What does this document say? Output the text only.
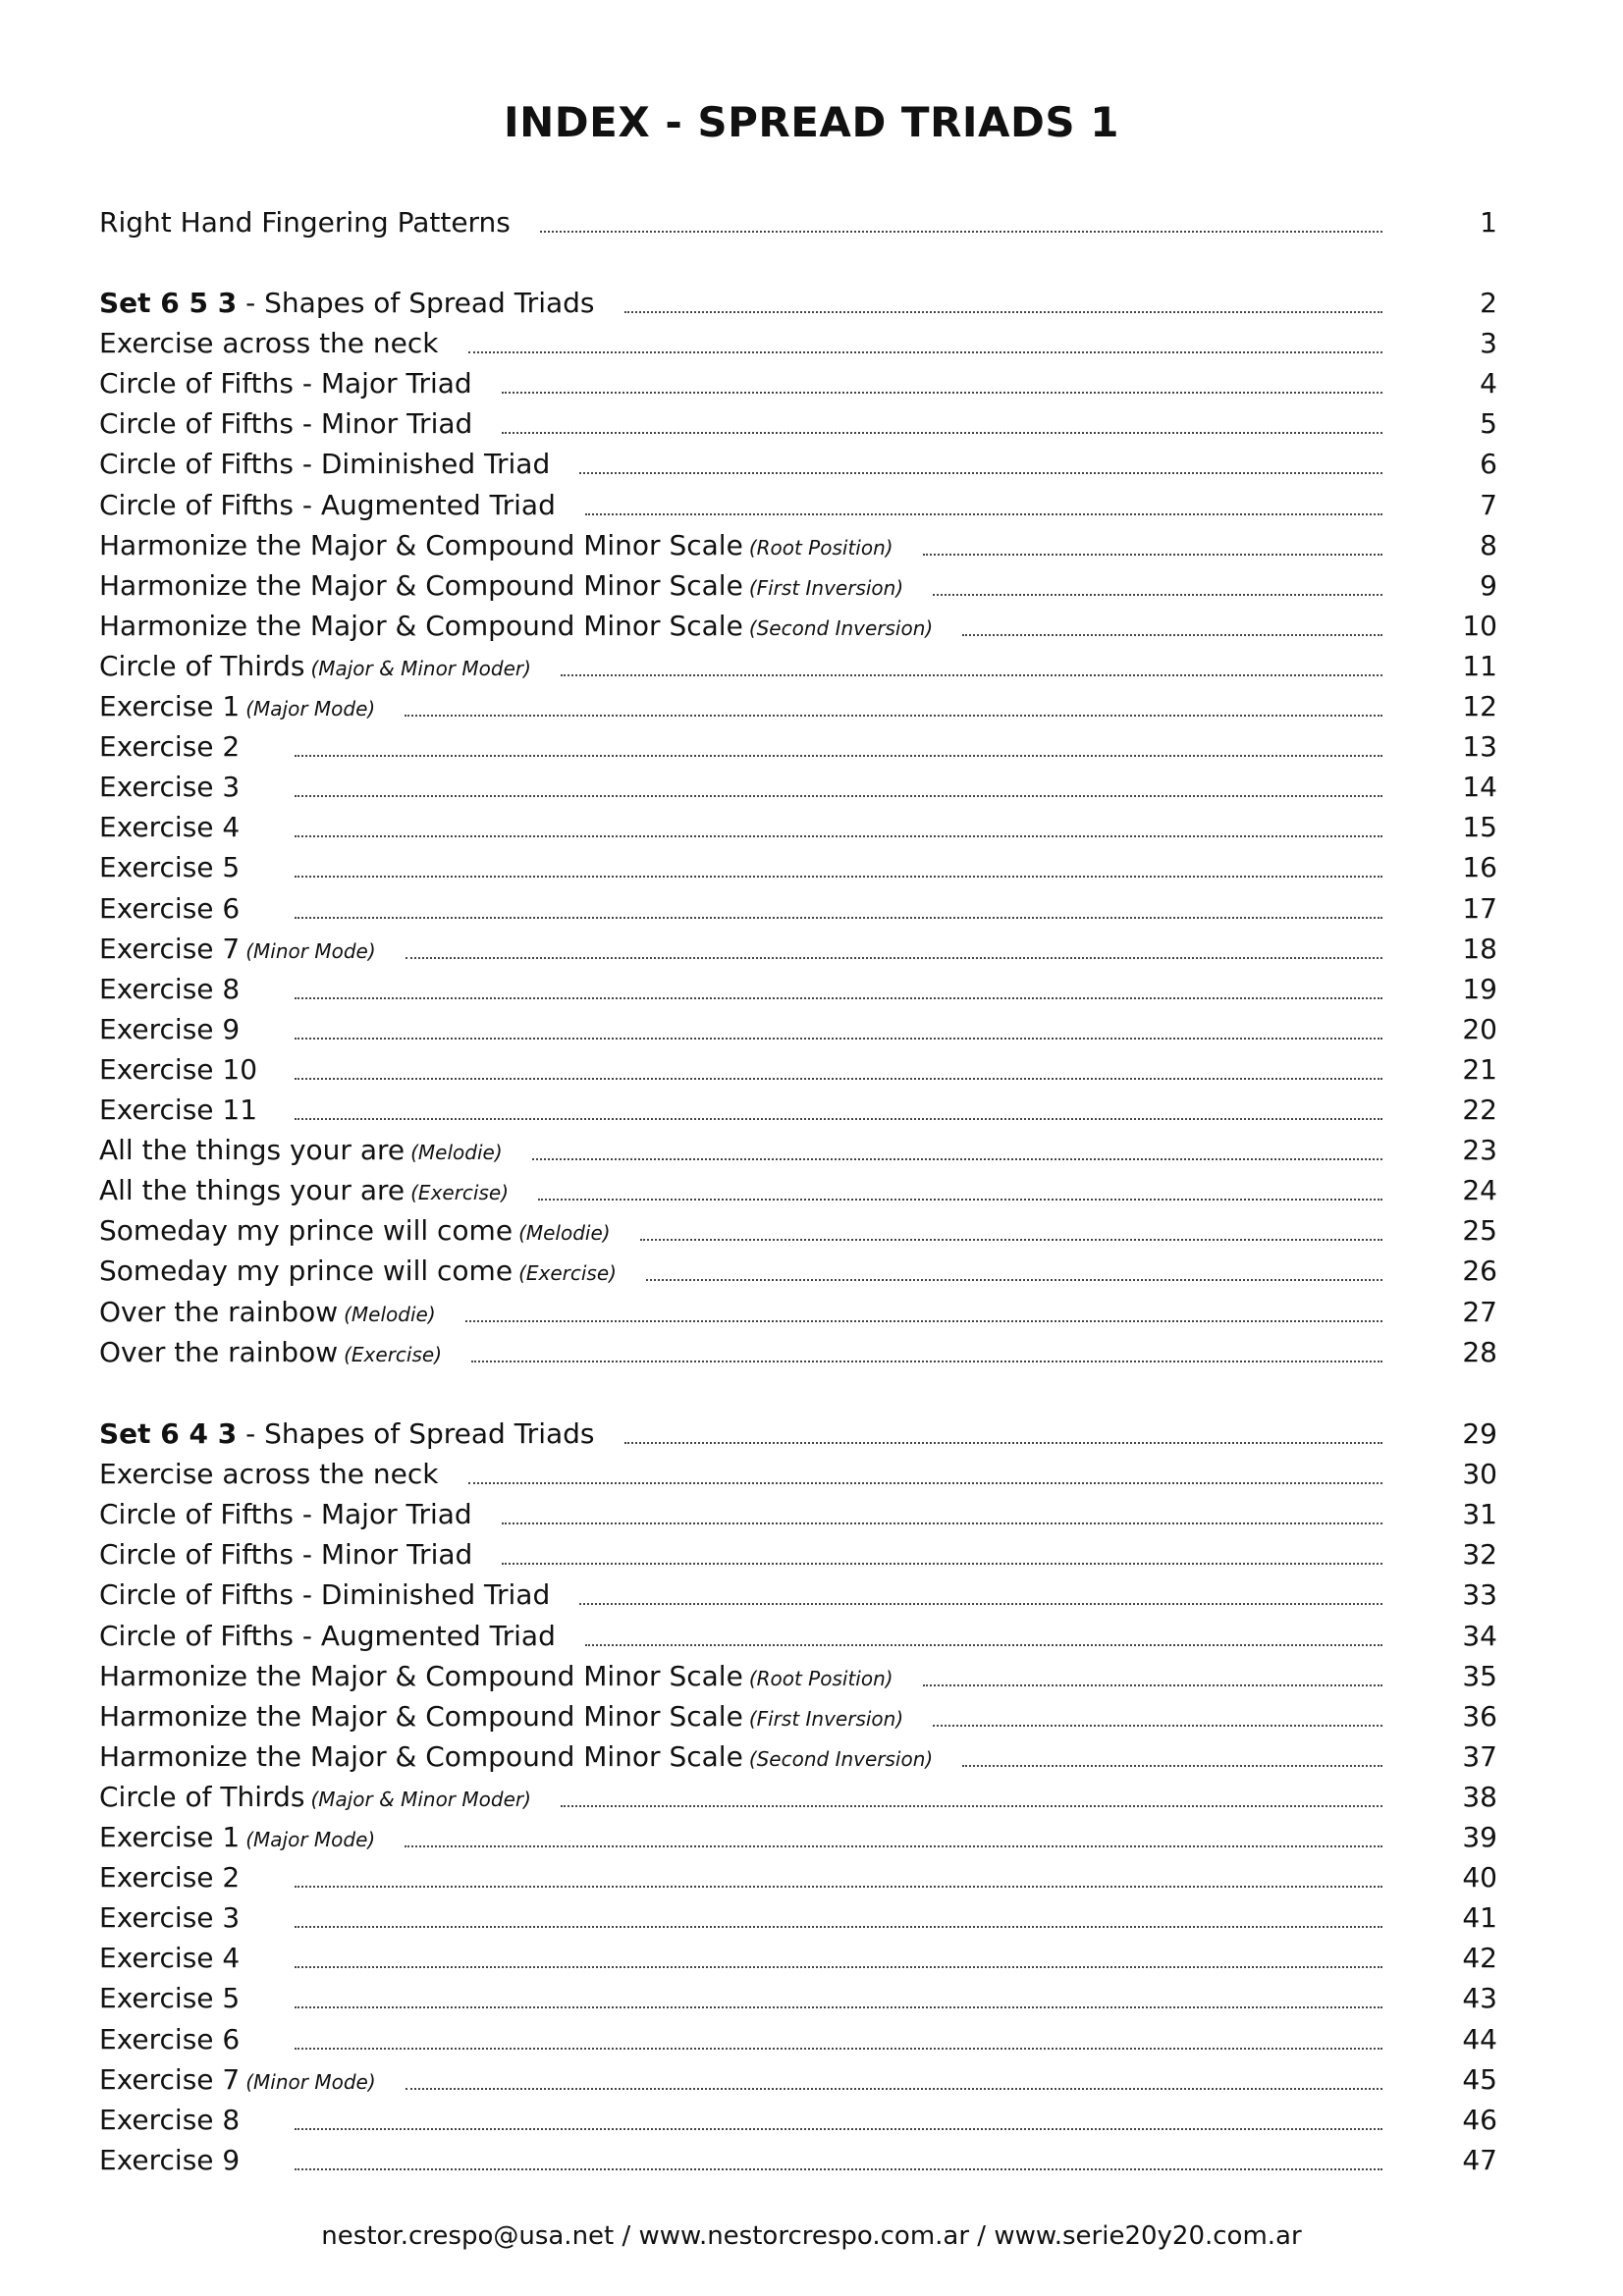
INDEX - SPREAD TRIADS 1
Right Hand Fingering Patterns	1
Set 6 5 3 - Shapes of Spread Triads	2
Exercise across the neck	3
Circle of Fifths - Major Triad	4
Circle of Fifths - Minor Triad	5
Circle of Fifths - Diminished Triad	6
Circle of Fifths - Augmented Triad	7
Harmonize the Major & Compound Minor Scale (Root Position)	8
Harmonize the Major & Compound Minor Scale (First Inversion)	9
Harmonize the Major & Compound Minor Scale (Second Inversion)	10
Circle of Thirds (Major & Minor Moder)	11
Exercise 1 (Major Mode)	12
Exercise 2	13
Exercise 3	14
Exercise 4	15
Exercise 5	16
Exercise 6	17
Exercise 7 (Minor Mode)	18
Exercise 8	19
Exercise 9	20
Exercise 10	21
Exercise 11	22
All the things your are (Melodie)	23
All the things your are (Exercise)	24
Someday my prince will come (Melodie)	25
Someday my prince will come (Exercise)	26
Over the rainbow (Melodie)	27
Over the rainbow (Exercise)	28
Set 6 4 3 - Shapes of Spread Triads	29
Exercise across the neck	30
Circle of Fifths - Major Triad	31
Circle of Fifths - Minor Triad	32
Circle of Fifths - Diminished Triad	33
Circle of Fifths - Augmented Triad	34
Harmonize the Major & Compound Minor Scale (Root Position)	35
Harmonize the Major & Compound Minor Scale (First Inversion)	36
Harmonize the Major & Compound Minor Scale (Second Inversion)	37
Circle of Thirds (Major & Minor Moder)	38
Exercise 1 (Major Mode)	39
Exercise 2	40
Exercise 3	41
Exercise 4	42
Exercise 5	43
Exercise 6	44
Exercise 7 (Minor Mode)	45
Exercise 8	46
Exercise 9	47
nestor.crespo@usa.net / www.nestorcrespo.com.ar / www.serie20y20.com.ar
